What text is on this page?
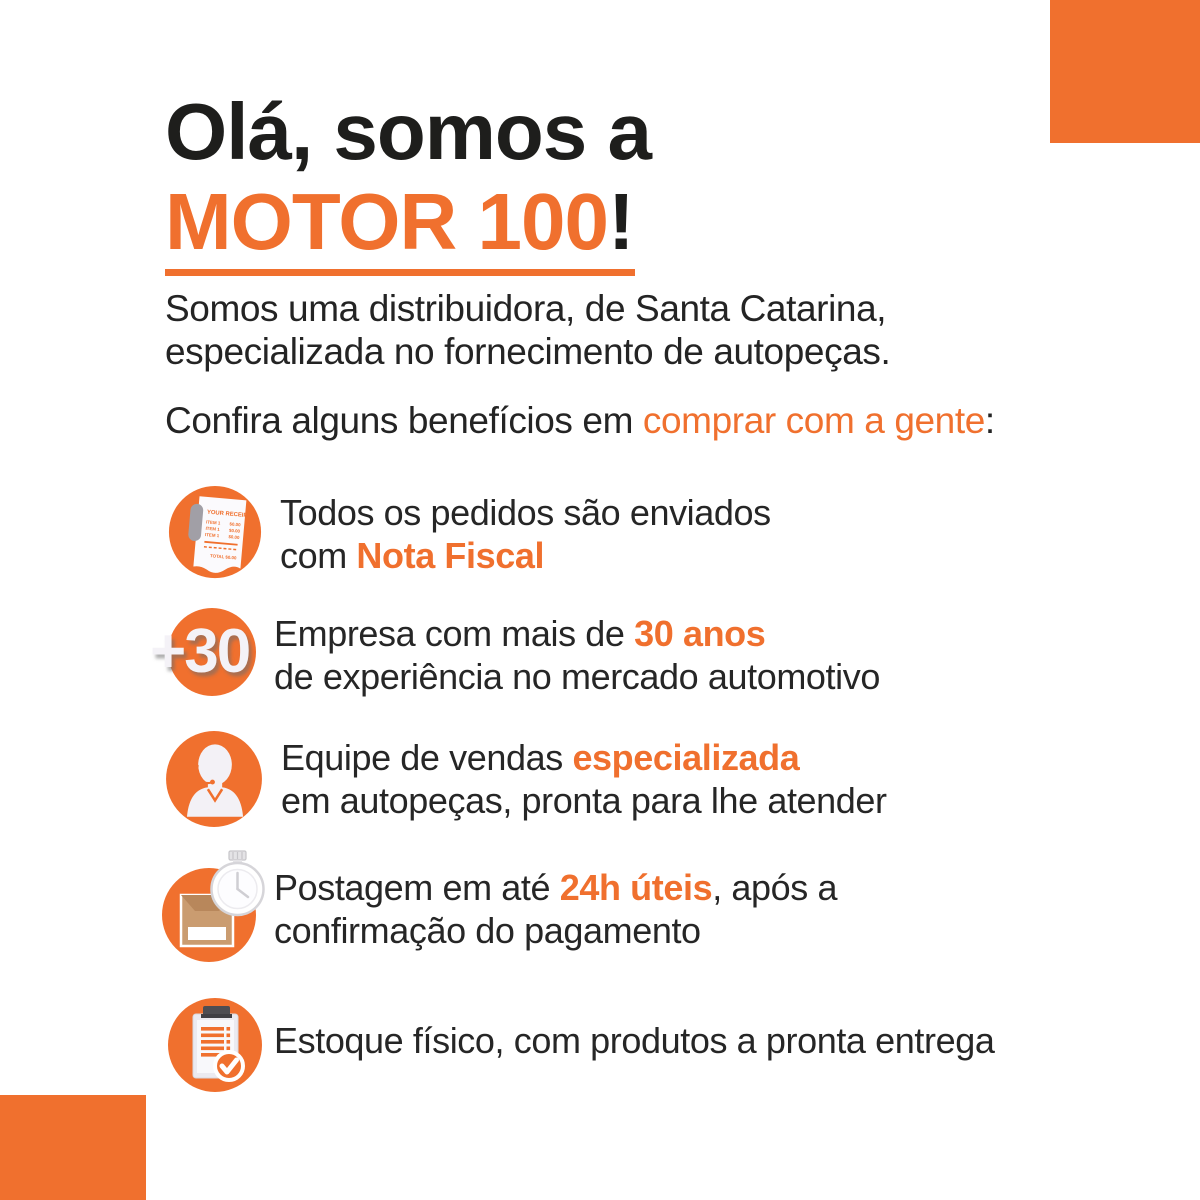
Olá, somos a
MOTOR 100!
Somos uma distribuidora, de Santa Catarina,
especializada no fornecimento de autopeças.
Confira alguns benefícios em comprar com a gente:
YOUR RECEIPT
ITEM 1 $0.00
ITEM 1 $0.00
ITEM 1 $0.00
TOTAL $0.00
Todos os pedidos são enviados
com Nota Fiscal
+30 Empresa com mais de 30 anos
de experiência no mercado automotivo
Equipe de vendas especializada
em autopeças, pronta para lhe atender
Postagem em até 24h úteis, após a
confirmação do pagamento
Estoque físico, com produtos a pronta entrega
